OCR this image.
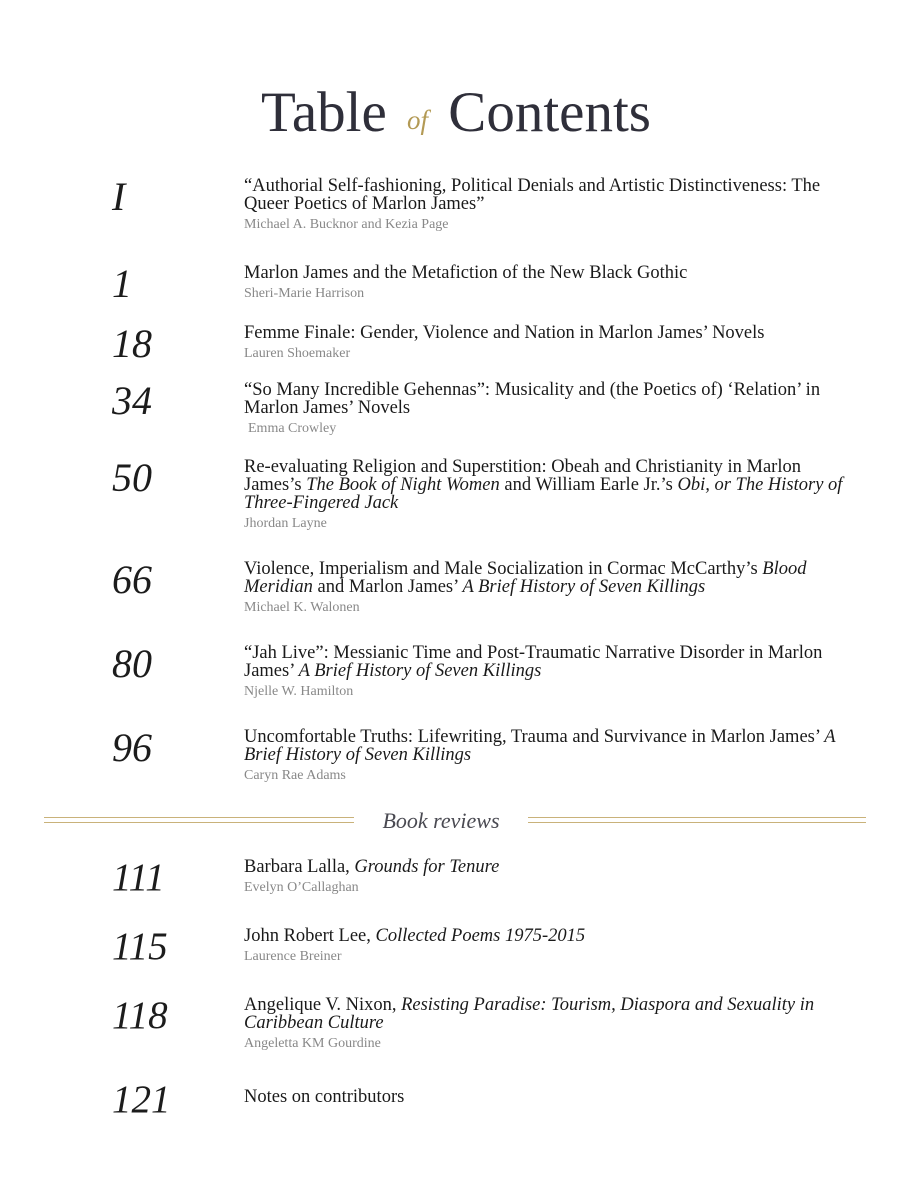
Table of Contents
I	“Authorial Self-fashioning, Political Denials and Artistic Distinctiveness: The Queer Poetics of Marlon James”
Michael A. Bucknor and Kezia Page
1	Marlon James and the Metafiction of the New Black Gothic
Sheri-Marie Harrison
18	Femme Finale: Gender, Violence and Nation in Marlon James’ Novels
Lauren Shoemaker
34	“So Many Incredible Gehennas”: Musicality and (the Poetics of) ‘Relation’ in Marlon James’ Novels
Emma Crowley
50	Re-evaluating Religion and Superstition: Obeah and Christianity in Marlon James’s The Book of Night Women and William Earle Jr.’s Obi, or The History of Three-Fingered Jack
Jhordan Layne
66	Violence, Imperialism and Male Socialization in Cormac McCarthy’s Blood Meridian and Marlon James’ A Brief History of Seven Killings
Michael K. Walonen
80	“Jah Live”: Messianic Time and Post-Traumatic Narrative Disorder in Marlon James’ A Brief History of Seven Killings
Njelle W. Hamilton
96	Uncomfortable Truths: Lifewriting, Trauma and Survivance in Marlon James’ A Brief History of Seven Killings
Caryn Rae Adams
Book reviews
111	Barbara Lalla, Grounds for Tenure
Evelyn O’Callaghan
115	John Robert Lee, Collected Poems 1975-2015
Laurence Breiner
118	Angelique V. Nixon, Resisting Paradise: Tourism, Diaspora and Sexuality in Caribbean Culture
Angeletta KM Gourdine
121	Notes on contributors
